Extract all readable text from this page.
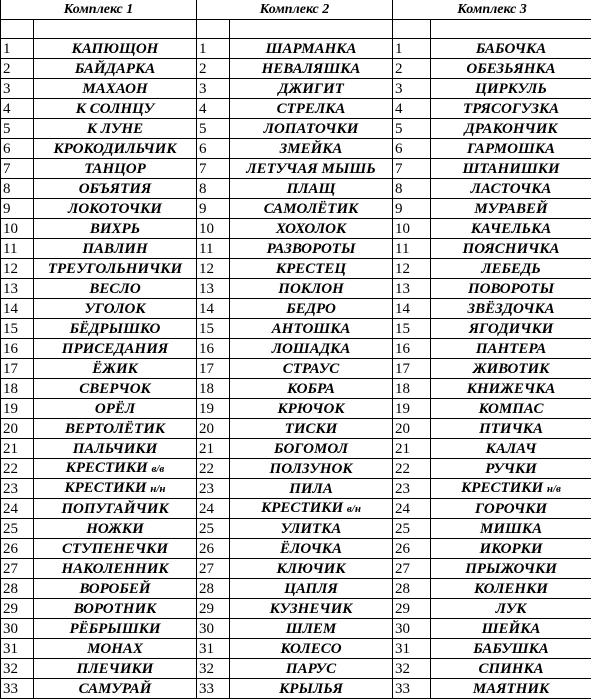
Комплекс 1		Комплекс 2		Комплекс 3	

1	КАПЮЩОН	1	ШАРМАНКА	1	БАБОЧКА
2	БАЙДАРКА	2	НЕВАЛЯШКА	2	ОБЕЗЬЯНКА
3	МАХАОН	3	ДЖИГИТ	3	ЦИРКУЛЬ
4	К СОЛНЦУ	4	СТРЕЛКА	4	ТРЯСОГУЗКА
5	К ЛУНЕ	5	ЛОПАТОЧКИ	5	ДРАКОНЧИК
6	КРОКОДИЛЬЧИК	6	ЗМЕЙКА	6	ГАРМОШКА
7	ТАНЦОР	7	ЛЕТУЧАЯ МЫШЬ	7	ШТАНИШКИ
8	ОБЪЯТИЯ	8	ПЛАЩ	8	ЛАСТОЧКА
9	ЛОКОТОЧКИ	9	САМОЛЁТИК	9	МУРАВЕЙ
10	ВИХРЬ	10	ХОХОЛОК	10	КАЧЕЛЬКА
11	ПАВЛИН	11	РАЗВОРОТЫ	11	ПОЯСНИЧКА
12	ТРЕУГОЛЬНИЧКИ	12	КРЕСТЕЦ	12	ЛЕБЕДЬ
13	ВЕСЛО	13	ПОКЛОН	13	ПОВОРОТЫ
14	УГОЛОК	14	БЕДРО	14	ЗВЁЗДОЧКА
15	БЁДРЫШКО	15	АНТОШКА	15	ЯГОДИЧКИ
16	ПРИСЕДАНИЯ	16	ЛОШАДКА	16	ПАНТЕРА
17	ЁЖИК	17	СТРАУС	17	ЖИВОТИК
18	СВЕРЧОК	18	КОБРА	18	КНИЖЕЧКА
19	ОРЁЛ	19	КРЮЧОК	19	КОМПАС
20	ВЕРТОЛЁТИК	20	ТИСКИ	20	ПТИЧКА
21	ПАЛЬЧИКИ	21	БОГОМОЛ	21	КАЛАЧ
22	КРЕСТИКИ в/в	22	ПОЛЗУНОК	22	РУЧКИ
23	КРЕСТИКИ н/н	23	ПИЛА	23	КРЕСТИКИ н/в
24	ПОПУГАЙЧИК	24	КРЕСТИКИ в/н	24	ГОРОЧКИ
25	НОЖКИ	25	УЛИТКА	25	МИШКА
26	СТУПЕНЕЧКИ	26	ЁЛОЧКА	26	ИКОРКИ
27	НАКОЛЕННИК	27	КЛЮЧИК	27	ПРЫЖОЧКИ
28	ВОРОБЕЙ	28	ЦАПЛЯ	28	КОЛЕНКИ
29	ВОРОТНИК	29	КУЗНЕЧИК	29	ЛУК
30	РЁБРЫШКИ	30	ШЛЕМ	30	ШЕЙКА
31	МОНАХ	31	КОЛЕСО	31	БАБУШКА
32	ПЛЕЧИКИ	32	ПАРУС	32	СПИНКА
33	САМУРАЙ	33	КРЫЛЬЯ	33	МАЯТНИК
